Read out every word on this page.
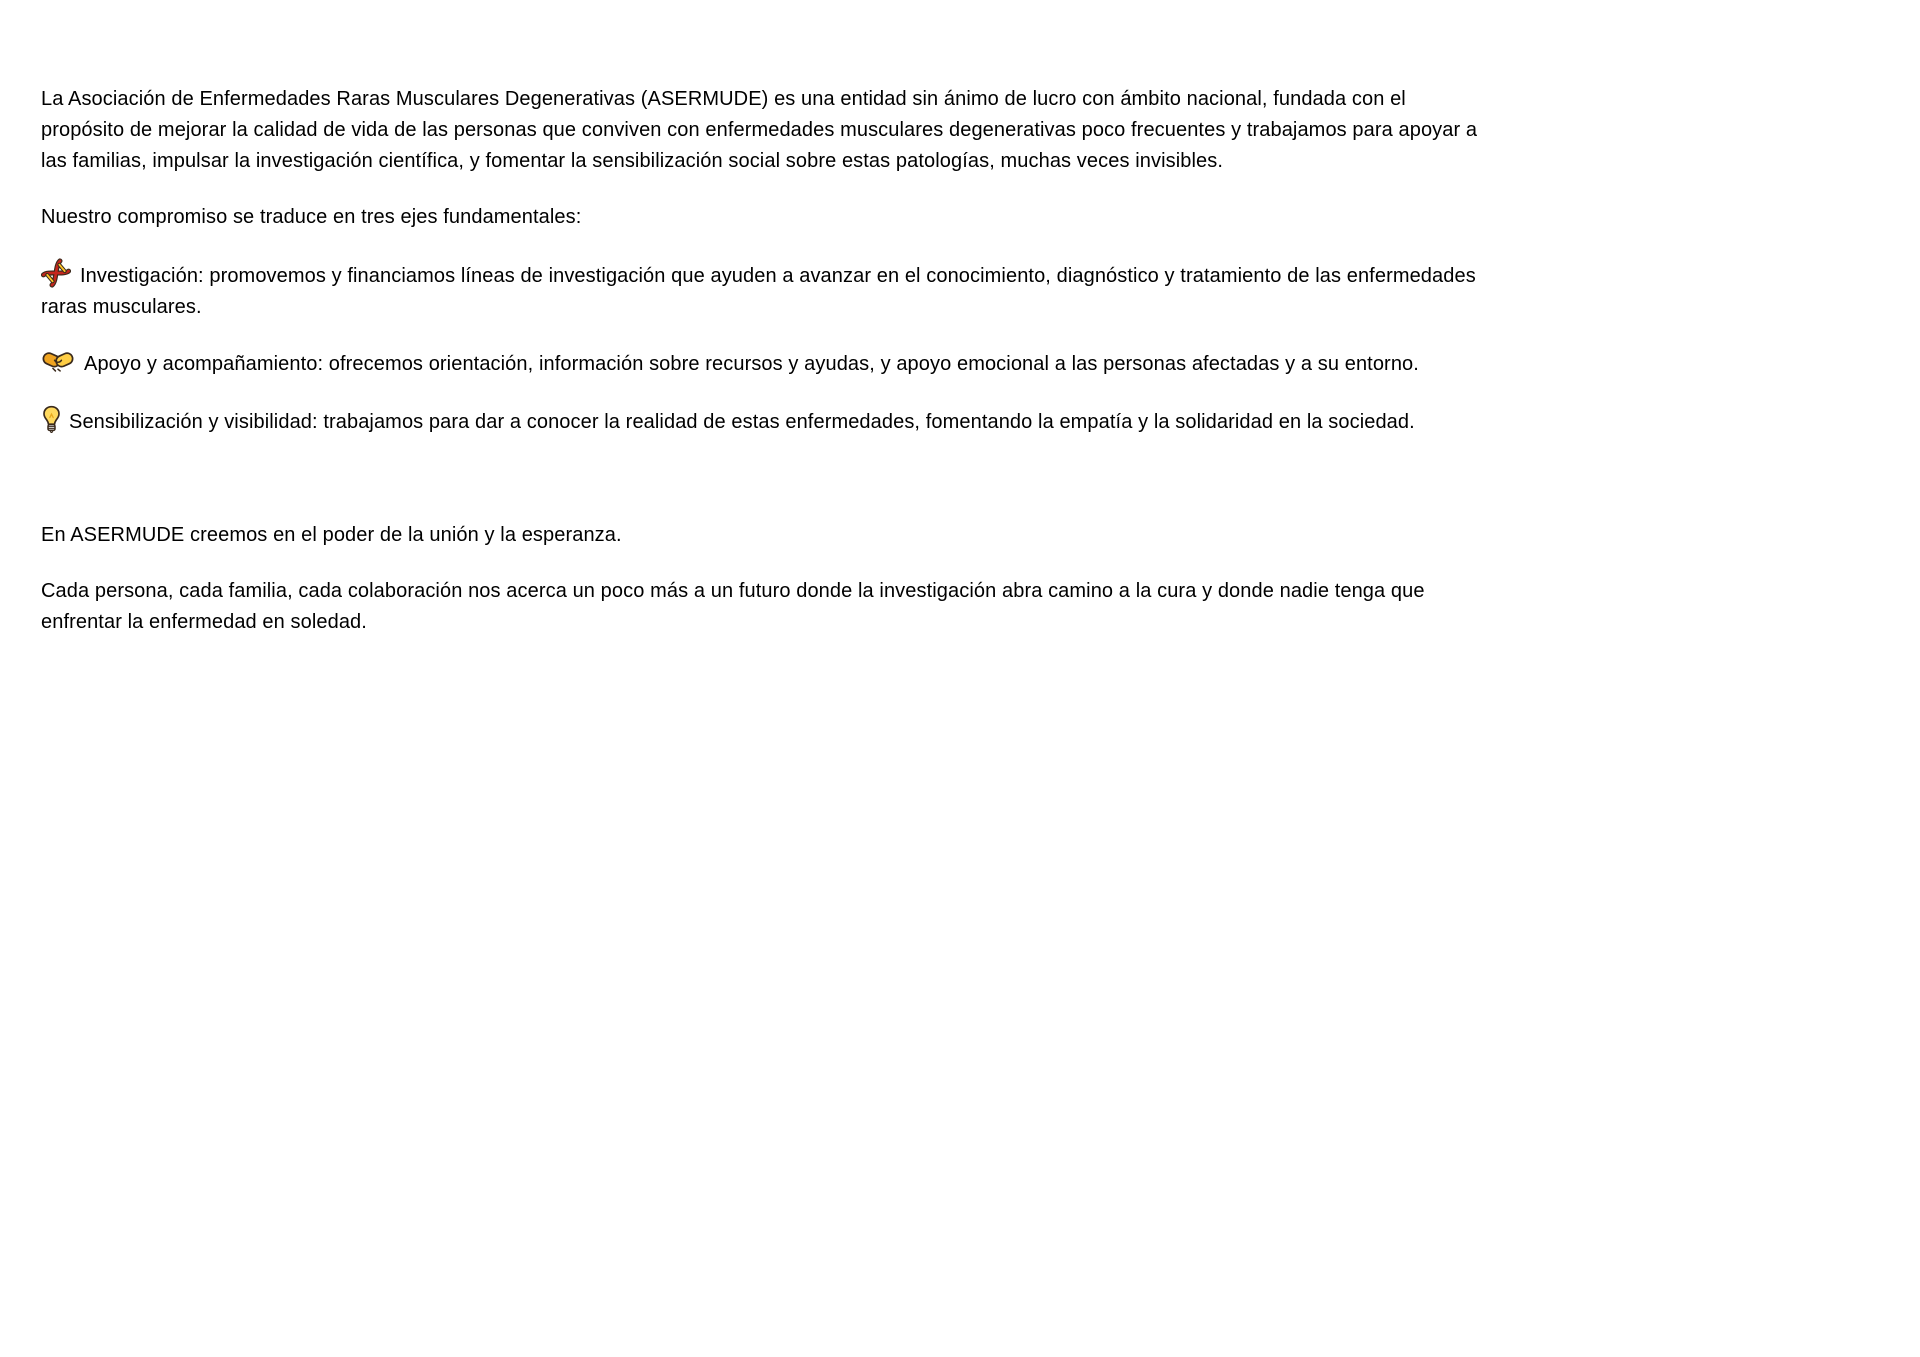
La Asociación de Enfermedades Raras Musculares Degenerativas (ASERMUDE) es una entidad sin ánimo de lucro con ámbito nacional, fundada con el propósito de mejorar la calidad de vida de las personas que conviven con enfermedades musculares degenerativas poco frecuentes y trabajamos para apoyar a las familias, impulsar la investigación científica, y fomentar la sensibilización social sobre estas patologías, muchas veces invisibles.

Nuestro compromiso se traduce en tres ejes fundamentales:

Investigación: promovemos y financiamos líneas de investigación que ayuden a avanzar en el conocimiento, diagnóstico y tratamiento de las enfermedades raras musculares.

Apoyo y acompañamiento: ofrecemos orientación, información sobre recursos y ayudas, y apoyo emocional a las personas afectadas y a su entorno.

Sensibilización y visibilidad: trabajamos para dar a conocer la realidad de estas enfermedades, fomentando la empatía y la solidaridad en la sociedad.

En ASERMUDE creemos en el poder de la unión y la esperanza.

Cada persona, cada familia, cada colaboración nos acerca un poco más a un futuro donde la investigación abra camino a la cura y donde nadie tenga que enfrentar la enfermedad en soledad.
